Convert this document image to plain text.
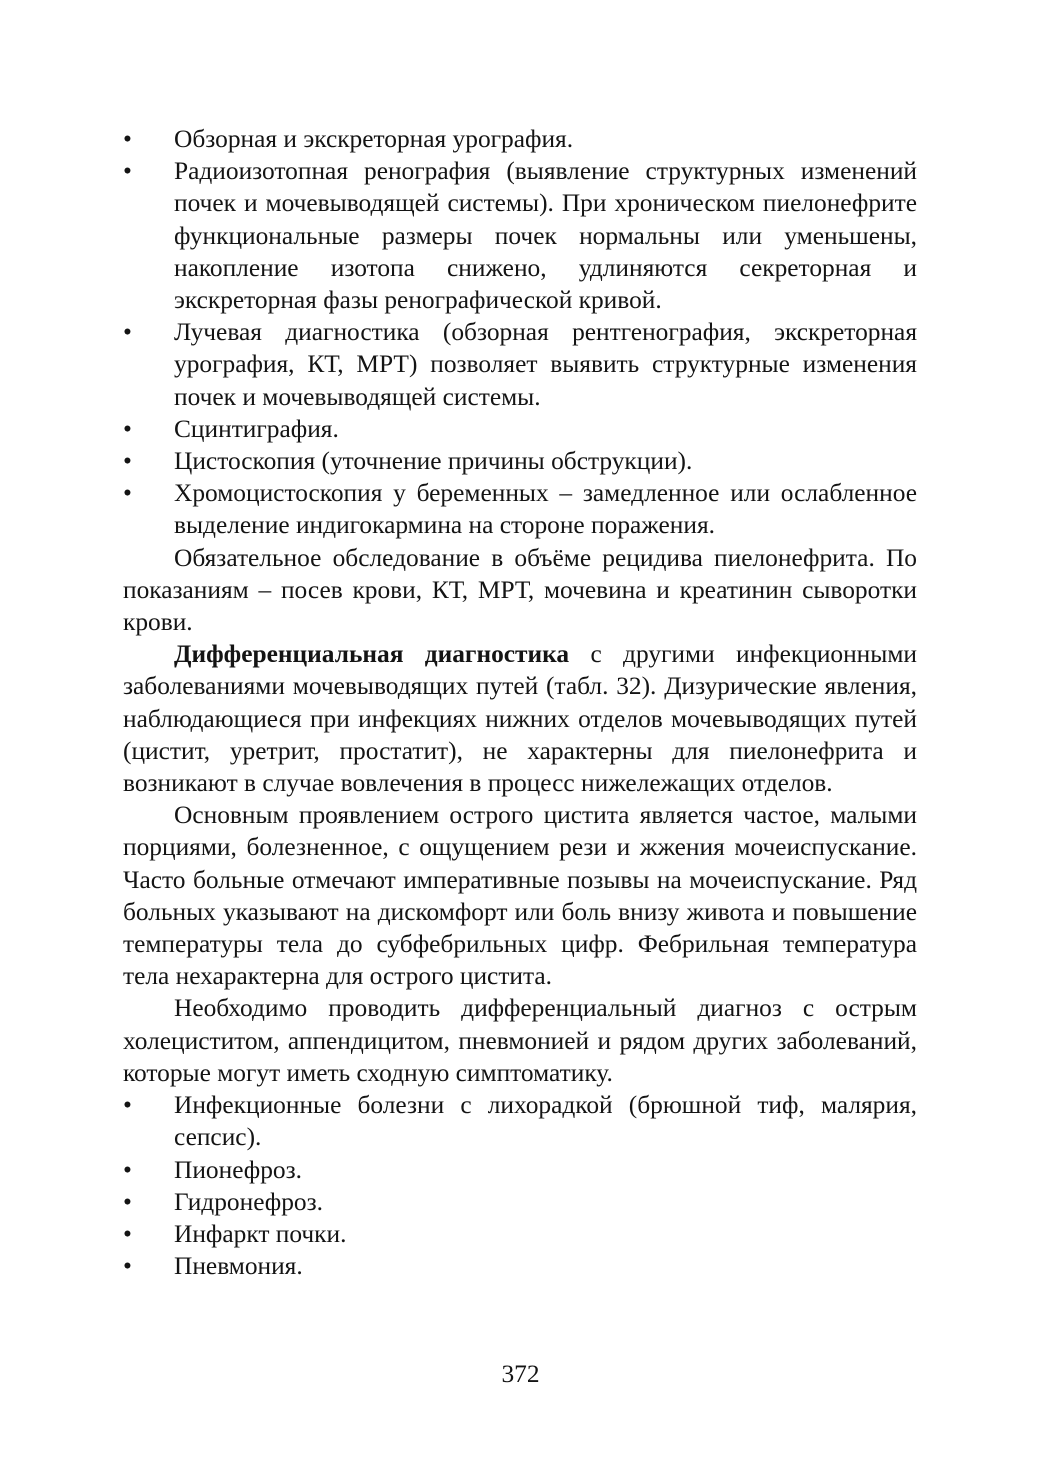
•	Обзорная и экскреторная урография.
•	Радиоизотопная ренография (выявление структурных изменений почек и мочевыводящей системы). При хроническом пиелонефрите функциональные размеры почек нормальны или уменьшены, накопление изотопа снижено, удлиняются секреторная и экскреторная фазы ренографической кривой.
•	Лучевая диагностика (обзорная рентгенография, экскреторная урография, КТ, МРТ) позволяет выявить структурные изменения почек и мочевыводящей системы.
•	Сцинтиграфия.
•	Цистоскопия (уточнение причины обструкции).
•	Хромоцистоскопия у беременных – замедленное или ослабленное выделение индигокармина на стороне поражения.

Обязательное обследование в объёме рецидива пиелонефрита. По показаниям – посев крови, КТ, МРТ, мочевина и креатинин сыворотки крови.

Дифференциальная диагностика с другими инфекционными заболеваниями мочевыводящих путей (табл. 32). Дизурические явления, наблюдающиеся при инфекциях нижних отделов мочевыводящих путей (цистит, уретрит, простатит), не характерны для пиелонефрита и возникают в случае вовлечения в процесс нижележащих отделов.

Основным проявлением острого цистита является частое, малыми порциями, болезненное, с ощущением рези и жжения мочеиспускание. Часто больные отмечают императивные позывы на мочеиспускание. Ряд больных указывают на дискомфорт или боль внизу живота и повышение температуры тела до субфебрильных цифр. Фебрильная температура тела нехарактерна для острого цистита.

Необходимо проводить дифференциальный диагноз с острым холециститом, аппендицитом, пневмонией и рядом других заболеваний, которые могут иметь сходную симптоматику.

•	Инфекционные болезни с лихорадкой (брюшной тиф, малярия, сепсис).
•	Пионефроз.
•	Гидронефроз.
•	Инфаркт почки.
•	Пневмония.
372
